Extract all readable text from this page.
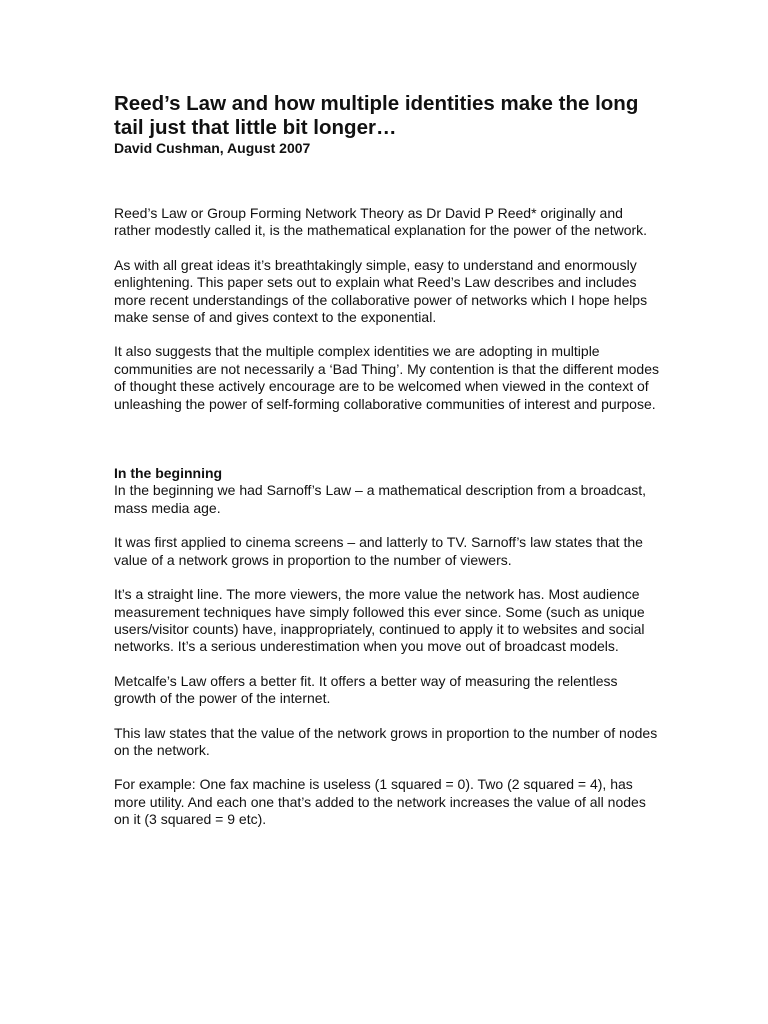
Reed’s Law and how multiple identities make the long tail just that little bit longer…
David Cushman, August 2007

Reed’s Law or Group Forming Network Theory as Dr David P Reed* originally and rather modestly called it, is the mathematical explanation for the power of the network.

As with all great ideas it’s breathtakingly simple, easy to understand and enormously enlightening. This paper sets out to explain what Reed’s Law describes and includes more recent understandings of the collaborative power of networks which I hope helps make sense of and gives context to the exponential.

It also suggests that the multiple complex identities we are adopting in multiple communities are not necessarily a ‘Bad Thing’. My contention is that the different modes of thought these actively encourage are to be welcomed when viewed in the context of unleashing the power of self-forming collaborative communities of interest and purpose.

In the beginning

In the beginning we had Sarnoff’s Law – a mathematical description from a broadcast, mass media age.

It was first applied to cinema screens – and latterly to TV. Sarnoff’s law states that the value of a network grows in proportion to the number of viewers.

It’s a straight line. The more viewers, the more value the network has. Most audience measurement techniques have simply followed this ever since. Some (such as unique users/visitor counts) have, inappropriately, continued to apply it to websites and social networks. It’s a serious underestimation when you move out of broadcast models.

Metcalfe’s Law offers a better fit. It offers a better way of measuring the relentless growth of the power of the internet.

This law states that the value of the network grows in proportion to the number of nodes on the network.

For example: One fax machine is useless (1 squared = 0). Two (2 squared = 4), has more utility. And each one that’s added to the network increases the value of all nodes on it (3 squared = 9 etc).
